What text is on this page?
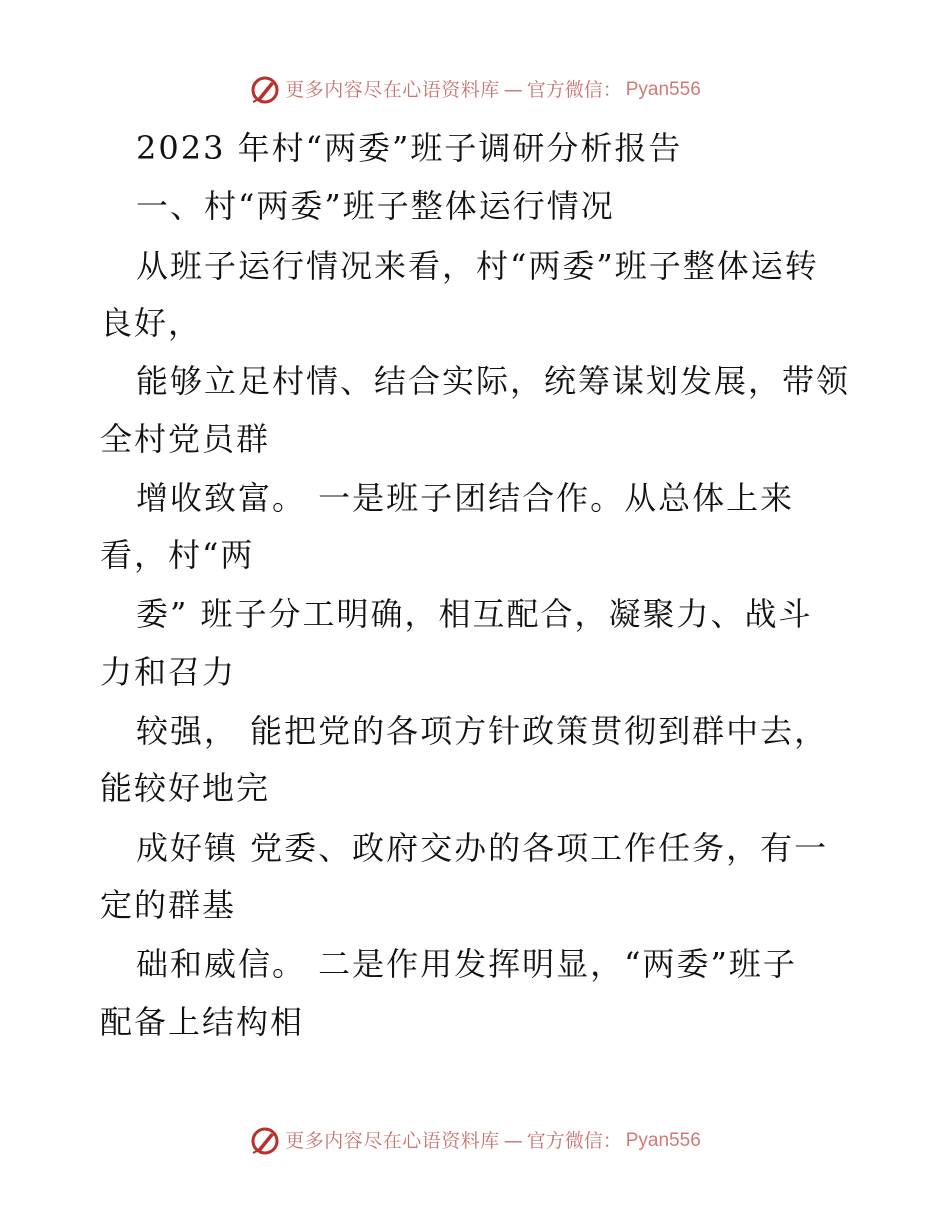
更多内容尽在心语资料库 — 官方微信： Pyan556
2023 年村“两委”班子调研分析报告
一、村“两委”班子整体运行情况
从班子运行情况来看，村“两委”班子整体运转
良好，
能够立足村情、结合实际，统筹谋划发展，带领
全村党员群
增收致富。 一是班子团结合作。从总体上来
看，村“两
委” 班子分工明确，相互配合，凝聚力、战斗
力和召力
较强， 能把党的各项方针政策贯彻到群中去，
能较好地完
成好镇 党委、政府交办的各项工作任务，有一
定的群基
础和威信。 二是作用发挥明显，“两委”班子
配备上结构相
更多内容尽在心语资料库 — 官方微信： Pyan556
